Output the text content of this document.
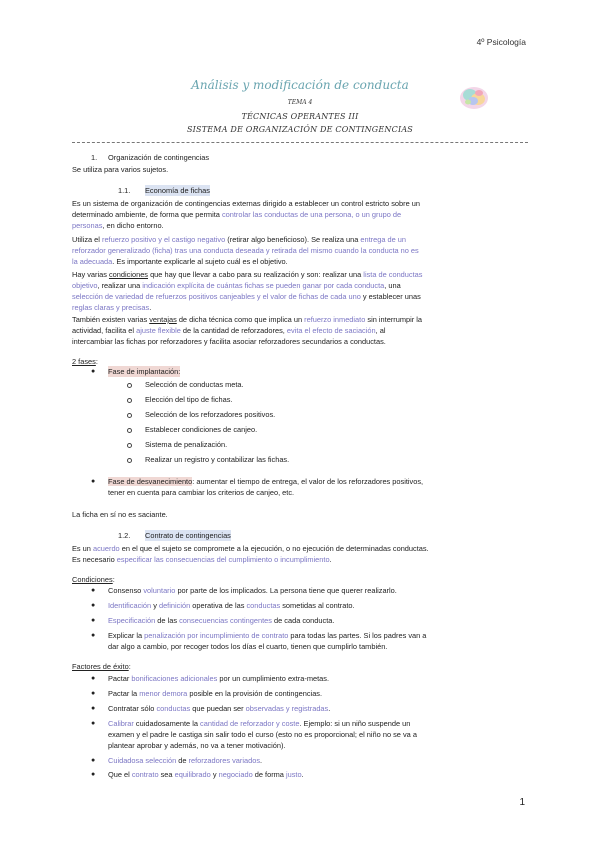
4º Psicología
Análisis y modificación de conducta
TEMA 4
TÉCNICAS OPERANTES III
SISTEMA DE ORGANIZACIÓN DE CONTINGENCIAS
1. Organización de contingencias
Se utiliza para varios sujetos.
1.1. Economía de fichas
Es un sistema de organización de contingencias externas dirigido a establecer un control estricto sobre un
determinado ambiente, de forma que permita controlar las conductas de una persona, o un grupo de
personas, en dicho entorno.
Utiliza el refuerzo positivo y el castigo negativo (retirar algo beneficioso). Se realiza una entrega de un
reforzador generalizado (ficha) tras una conducta deseada y retirada del mismo cuando la conducta no es
la adecuada. Es importante explicarle al sujeto cuál es el objetivo.
Hay varias condiciones que hay que llevar a cabo para su realización y son: realizar una lista de conductas
objetivo, realizar una indicación explícita de cuántas fichas se pueden ganar por cada conducta, una
selección de variedad de refuerzos positivos canjeables y el valor de fichas de cada uno y establecer unas
reglas claras y precisas.
También existen varias ventajas de dicha técnica como que implica un refuerzo inmediato sin interrumpir la
actividad, facilita el ajuste flexible de la cantidad de reforzadores, evita el efecto de saciación, al
intercambiar las fichas por reforzadores y facilita asociar reforzadores secundarios a conductas.
2 fases:
● Fase de implantación:
Selección de conductas meta.
Elección del tipo de fichas.
Selección de los reforzadores positivos.
Establecer condiciones de canjeo.
Sistema de penalización.
Realizar un registro y contabilizar las fichas.
● Fase de desvanecimiento: aumentar el tiempo de entrega, el valor de los reforzadores positivos,
tener en cuenta para cambiar los criterios de canjeo, etc.
La ficha en sí no es saciante.
1.2. Contrato de contingencias
Es un acuerdo en el que el sujeto se compromete a la ejecución, o no ejecución de determinadas conductas.
Es necesario especificar las consecuencias del cumplimiento o incumplimiento.
Condiciones:
● Consenso voluntario por parte de los implicados. La persona tiene que querer realizarlo.
● Identificación y definición operativa de las conductas sometidas al contrato.
● Especificación de las consecuencias contingentes de cada conducta.
● Explicar la penalización por incumplimiento de contrato para todas las partes. Si los padres van a
dar algo a cambio, por recoger todos los días el cuarto, tienen que cumplirlo también.
Factores de éxito:
● Pactar bonificaciones adicionales por un cumplimiento extra-metas.
● Pactar la menor demora posible en la provisión de contingencias.
● Contratar sólo conductas que puedan ser observadas y registradas.
● Calibrar cuidadosamente la cantidad de reforzador y coste. Ejemplo: si un niño suspende un
examen y el padre le castiga sin salir todo el curso (esto no es proporcional; el niño no se va a
plantear aprobar y además, no va a tener motivación).
● Cuidadosa selección de reforzadores variados.
● Que el contrato sea equilibrado y negociado de forma justo.
1
